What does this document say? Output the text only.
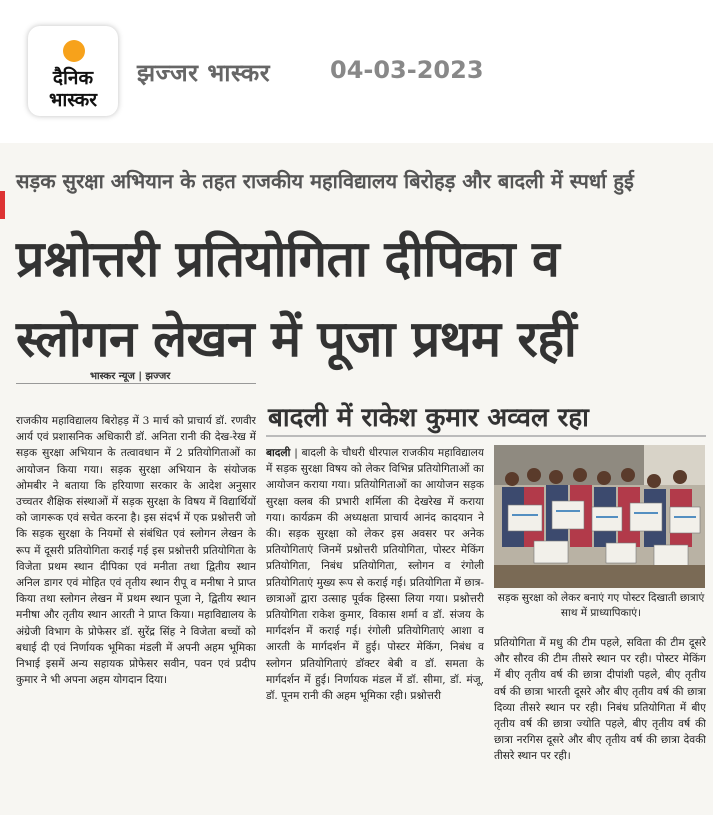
दैनिक
भास्कर
झज्जर भास्कर 04-03-2023
सड़क सुरक्षा अभियान के तहत राजकीय महाविद्यालय बिरोहड़ और बादली में स्पर्धा हुई
प्रश्नोत्तरी प्रतियोगिता दीपिका व
स्लोगन लेखन में पूजा प्रथम रहीं
भास्कर न्यूज | झज्जर
राजकीय महाविद्यालय बिरोहड़ में 3 मार्च को प्राचार्य डॉ. रणवीर आर्य एवं प्रशासनिक अधिकारी डॉ. अनिता रानी की देख-रेख में सड़क सुरक्षा अभियान के तत्वावधान में 2 प्रतियोगिताओं का आयोजन किया गया। सड़क सुरक्षा अभियान के संयोजक ओमबीर ने बताया कि हरियाणा सरकार के आदेश अनुसार उच्चतर शैक्षिक संस्थाओं में सड़क सुरक्षा के विषय में विद्यार्थियों को जागरूक एवं सचेत करना है। इस संदर्भ में एक प्रश्नोत्तरी जो कि सड़क सुरक्षा के नियमों से संबंधित एवं स्लोगन लेखन के रूप में दूसरी प्रतियोगिता कराई गई इस प्रश्नोत्तरी प्रतियोगिता के विजेता प्रथम स्थान दीपिका एवं मनीता तथा द्वितीय स्थान अनिल डागर एवं मोहित एवं तृतीय स्थान रीपू व मनीषा ने प्राप्त किया तथा स्लोगन लेखन में प्रथम स्थान पूजा ने, द्वितीय स्थान मनीषा और तृतीय स्थान आरती ने प्राप्त किया। महाविद्यालय के अंग्रेजी विभाग के प्रोफेसर डॉ. सुरेंद्र सिंह ने विजेता बच्चों को बधाई दी एवं निर्णायक भूमिका मंडली में अपनी अहम भूमिका निभाई इसमें अन्य सहायक प्रोफेसर सवीन, पवन एवं प्रदीप कुमार ने भी अपना अहम योगदान दिया।
बादली में राकेश कुमार अव्वल रहा
बादली | बादली के चौधरी धीरपाल राजकीय महाविद्यालय में सड़क सुरक्षा विषय को लेकर विभिन्न प्रतियोगिताओं का आयोजन कराया गया। प्रतियोगिताओं का आयोजन सड़क सुरक्षा क्लब की प्रभारी शर्मिला की देखरेख में कराया गया। कार्यक्रम की अध्यक्षता प्राचार्य आनंद कादयान ने की। सड़क सुरक्षा को लेकर इस अवसर पर अनेक प्रतियोगिताएं जिनमें प्रश्नोत्तरी प्रतियोगिता, पोस्टर मेकिंग प्रतियोगिता, निबंध प्रतियोगिता, स्लोगन व रंगोली प्रतियोगिताएं मुख्य रूप से कराई गई। प्रतियोगिता में छात्र-छात्राओं द्वारा उत्साह पूर्वक हिस्सा लिया गया। प्रश्नोत्तरी प्रतियोगिता राकेश कुमार, विकास शर्मा व डॉ. संजय के मार्गदर्शन में कराई गई। रंगोली प्रतियोगिताएं आशा व आरती के मार्गदर्शन में हुई। पोस्टर मेकिंग, निबंध व स्लोगन प्रतियोगिताएं डॉक्टर बेबी व डॉ. समता के मार्गदर्शन में हुई। निर्णायक मंडल में डॉ. सीमा, डॉ. मंजू, डॉ. पूनम रानी की अहम भूमिका रही। प्रश्नोत्तरी
सड़क सुरक्षा को लेकर बनाएं गए पोस्टर दिखाती छात्राएं साथ में प्राध्यापिकाएं।
प्रतियोगिता में मधु की टीम पहले, सविता की टीम दूसरे और सौरव की टीम तीसरे स्थान पर रही। पोस्टर मेकिंग में बीए तृतीय वर्ष की छात्रा दीपांशी पहले, बीए तृतीय वर्ष की छात्रा भारती दूसरे और बीए तृतीय वर्ष की छात्रा दिव्या तीसरे स्थान पर रही। निबंध प्रतियोगिता में बीए तृतीय वर्ष की छात्रा ज्योति पहले, बीए तृतीय वर्ष की छात्रा नरगिस दूसरे और बीए तृतीय वर्ष की छात्रा देवकी तीसरे स्थान पर रही।
